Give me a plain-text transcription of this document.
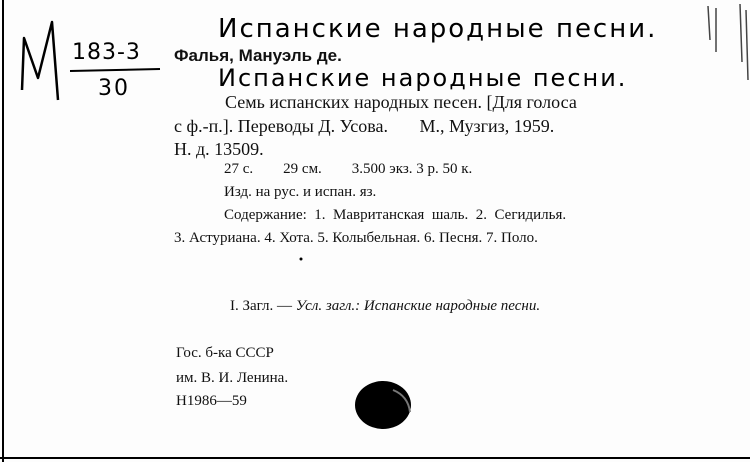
183-3
30
Испанские народные песни.
Испанские народные песни.
Фалья, Мануэль де.
Семь испанских народных песен. [Для голоса
с ф.-п.]. Переводы Д. Усова.       М., Музгиз, 1959.
Н. д. 13509.
27 с.        29 см.        3.500 экз. 3 р. 50 к.
Изд. на рус. и испан. яз.
Содержание:  1.  Мавританская  шаль.  2.  Сегидилья.
3. Астуриана. 4. Хота. 5. Колыбельная. 6. Песня. 7. Поло.
I. Загл. — Усл. загл.: Испанские народные песни.
Гос. б-ка СССР
им. В. И. Ленина.
Н1986—59
